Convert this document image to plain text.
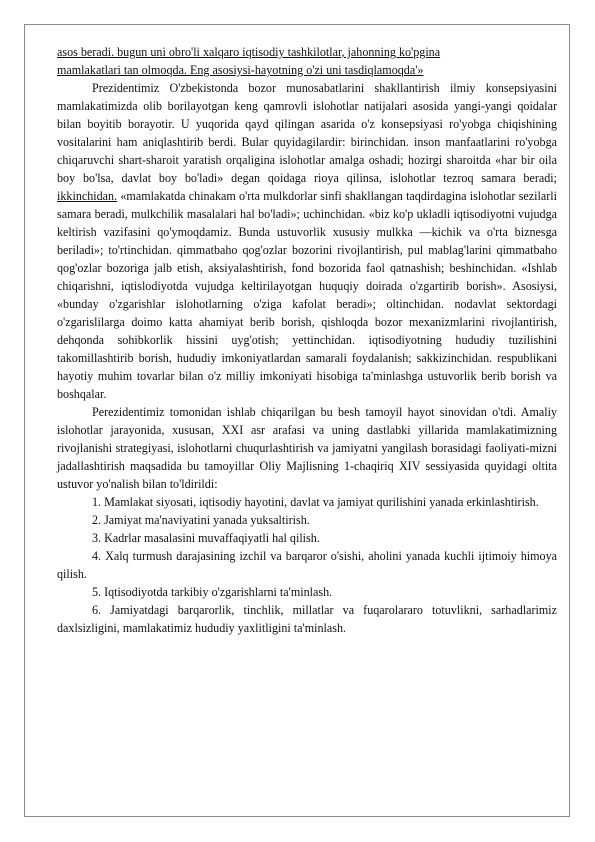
asos beradi. bugun uni obro'li xalqaro iqtisodiy tashkilotlar, jahonning ko'pgina

mamlakatlari tan olmoqda. Eng asosiysi-hayotning o'zi uni tasdiqlamoqda'»

Prezidentimiz O'zbekistonda bozor munosabatlarini shakllantirish ilmiy konsepsiyasini mamlakatimizda olib borilayotgan keng qamrovli islohotlar natijalari asosida yangi-yangi qoidalar bilan boyitib borayotir. U yuqorida qayd qilingan asarida o'z konsepsiyasi ro'yobga chiqishining vositalarini ham aniqlashtirib berdi. Bular quyidagilardir: birinchidan. inson manfaatlarini ro'yobga chiqaruvchi shart-sharoit yaratish orqaligina islohotlar amalga oshadi; hozirgi sharoitda «har bir oila boy bo'lsa, davlat boy bo'ladi» degan qoidaga rioya qilinsa, islohotlar tezroq samara beradi; ikkinchidan. «mamlakatda chinakam o'rta mulkdorlar sinfi shakllangan taqdirdagina islohotlar sezilarli samara beradi, mulkchilik masalalari hal bo'ladi»; uchinchidan. «biz ko'p ukladli iqtisodiyotni vujudga keltirish vazifasini qo'ymoqdamiz. Bunda ustuvorlik xususiy mulkka —kichik va o'rta biznesga beriladi»; to'rtinchidan. qimmatbaho qog'ozlar bozorini rivojlantirish, pul mablag'larini qimmatbaho qog'ozlar bozoriga jalb etish, aksiyalashtirish, fond bozorida faol qatnashish; beshinchidan. «Ishlab chiqarishni, iqtislodiyotda vujudga keltirilayotgan huquqiy doirada o'zgartirib borish». Asosiysi, «bunday o'zgarishlar islohotlarning o'ziga kafolat beradi»; oltinchidan. nodavlat sektordagi o'zgarislilarga doimo katta ahamiyat berib borish, qishloqda bozor mexanizmlarini rivojlantirish, dehqonda sohibkorlik hissini uyg'otish; yettinchidan. iqtisodiyotning hududiy tuzilishini takomillashtirib borish, hududiy imkoniyatlardan samarali foydalanish; sakkizinchidan. respublikani hayotiy muhim tovarlar bilan o'z milliy imkoniyati hisobiga ta'minlashga ustuvorlik berib borish va boshqalar.

Perezidentimiz tomonidan ishlab chiqarilgan bu besh tamoyil hayot sinovidan o'tdi. Amaliy islohotlar jarayonida, xususan, XXI asr arafasi va uning dastlabki yillarida mamlakatimizning rivojlanishi strategiyasi, islohotlarni chuqurlashtirish va jamiyatni yangilash borasidagi faoliyati-mizni jadallashtirish maqsadida bu tamoyillar Oliy Majlisning 1-chaqiriq XIV sessiyasida quyidagi oltita ustuvor yo'nalish bilan to'ldirildi:

1. Mamlakat siyosati, iqtisodiy hayotini, davlat va jamiyat qurilishini yanada erkinlashtirish.

2. Jamiyat ma'naviyatini yanada yuksaltirish.

3. Kadrlar masalasini muvaffaqiyatli hal qilish.

4. Xalq turmush darajasining izchil va barqaror o'sishi, aholini yanada kuchli ijtimoiy himoya qilish.

5. Iqtisodiyotda tarkibiy o'zgarishlarni ta'minlash.

6. Jamiyatdagi barqarorlik, tinchlik, millatlar va fuqarolararo totuvlikni, sarhadlarimiz daxlsizligini, mamlakatimiz hududiy yaxlitligini ta'minlash.
